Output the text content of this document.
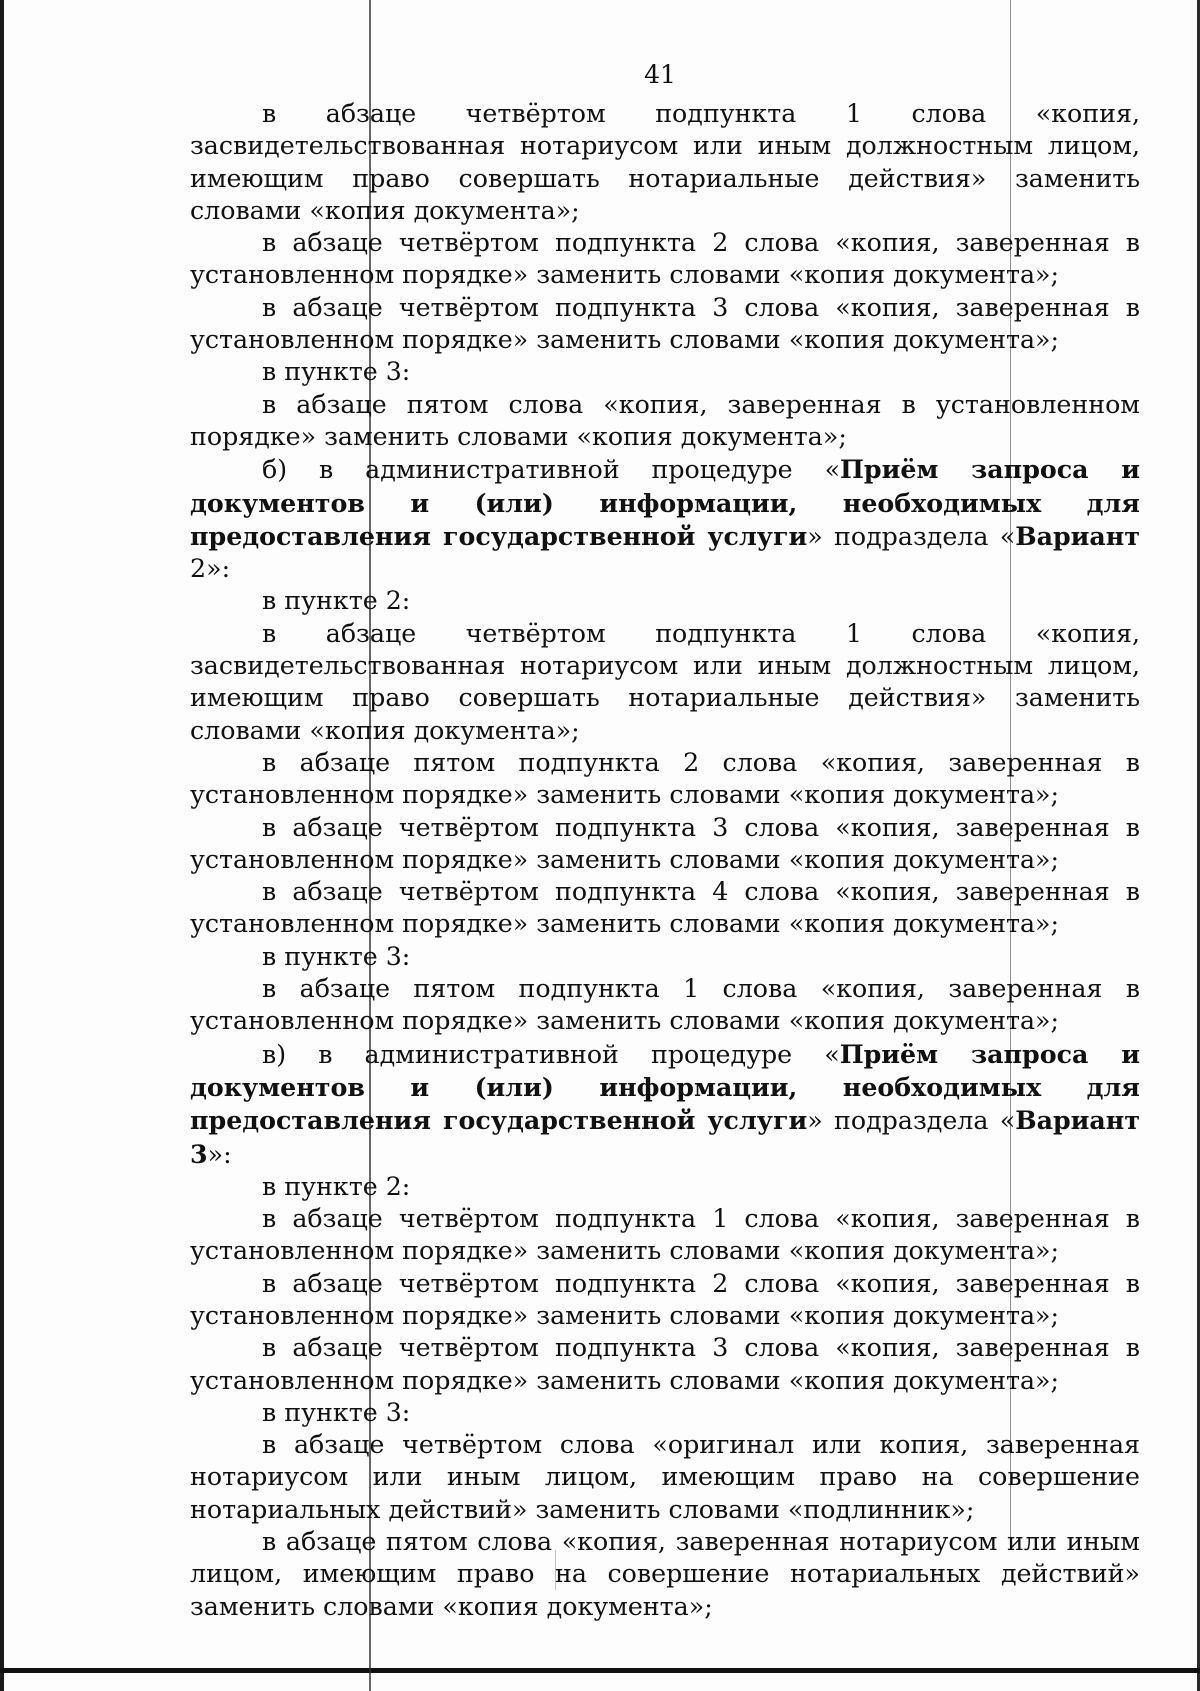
41

в абзаце четвёртом подпункта 1 слова «копия, засвидетельствованная нотариусом или иным должностным лицом, имеющим право совершать нотариальные действия» заменить словами «копия документа»;

в абзаце четвёртом подпункта 2 слова «копия, заверенная в установленном порядке» заменить словами «копия документа»;

в абзаце четвёртом подпункта 3 слова «копия, заверенная в установленном порядке» заменить словами «копия документа»;

в пункте 3:

в абзаце пятом слова «копия, заверенная в установленном порядке» заменить словами «копия документа»;

б) в административной процедуре «Приём запроса и документов и (или) информации, необходимых для предоставления государственной услуги» подраздела «Вариант 2»:

в пункте 2:

в абзаце четвёртом подпункта 1 слова «копия, засвидетельствованная нотариусом или иным должностным лицом, имеющим право совершать нотариальные действия» заменить словами «копия документа»;

в абзаце пятом подпункта 2 слова «копия, заверенная в установленном порядке» заменить словами «копия документа»;

в абзаце четвёртом подпункта 3 слова «копия, заверенная в установленном порядке» заменить словами «копия документа»;

в абзаце четвёртом подпункта 4 слова «копия, заверенная в установленном порядке» заменить словами «копия документа»;

в пункте 3:

в абзаце пятом подпункта 1 слова «копия, заверенная в установленном порядке» заменить словами «копия документа»;

в) в административной процедуре «Приём запроса и документов и (или) информации, необходимых для предоставления государственной услуги» подраздела «Вариант 3»:

в пункте 2:

в абзаце четвёртом подпункта 1 слова «копия, заверенная в установленном порядке» заменить словами «копия документа»;

в абзаце четвёртом подпункта 2 слова «копия, заверенная в установленном порядке» заменить словами «копия документа»;

в абзаце четвёртом подпункта 3 слова «копия, заверенная в установленном порядке» заменить словами «копия документа»;

в пункте 3:

в абзаце четвёртом слова «оригинал или копия, заверенная нотариусом или иным лицом, имеющим право на совершение нотариальных действий» заменить словами «подлинник»;

в абзаце пятом слова «копия, заверенная нотариусом или иным лицом, имеющим право на совершение нотариальных действий» заменить словами «копия документа»;
